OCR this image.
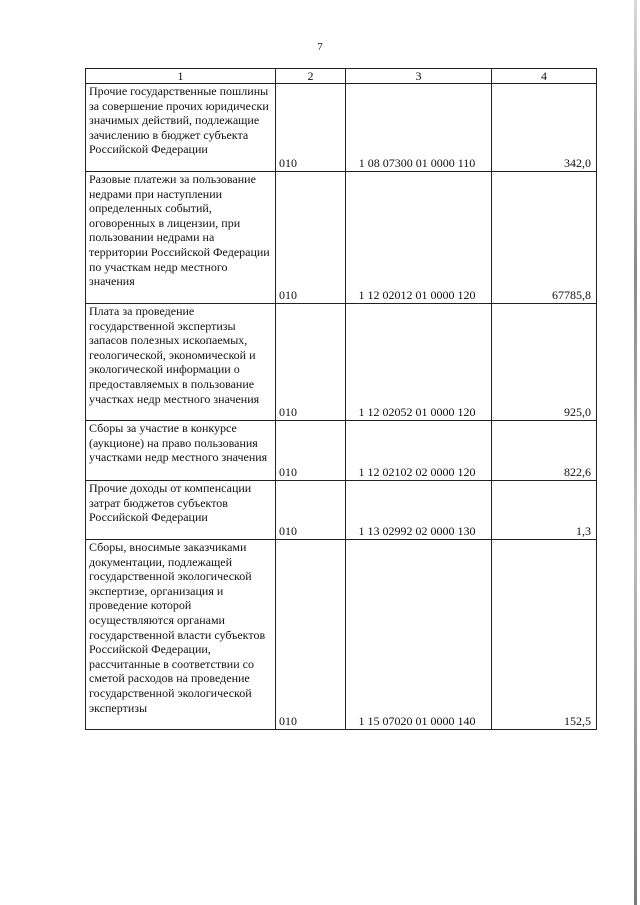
7
1	2	3	4
Прочие государственные пошлины за совершение прочих юридически значимых действий, подлежащие зачислению в бюджет субъекта Российской Федерации	010	1 08 07300 01 0000 110	342,0
Разовые платежи за пользование недрами при наступлении определенных событий, оговоренных в лицензии, при пользовании недрами на территории Российской Федерации по участкам недр местного значения	010	1 12 02012 01 0000 120	67785,8
Плата за проведение государственной экспертизы запасов полезных ископаемых, геологической, экономической и экологической информации о предоставляемых в пользование участках недр местного значения	010	1 12 02052 01 0000 120	925,0
Сборы за участие в конкурсе (аукционе) на право пользования участками недр местного значения	010	1 12 02102 02 0000 120	822,6
Прочие доходы от компенсации затрат бюджетов субъектов Российской Федерации	010	1 13 02992 02 0000 130	1,3
Сборы, вносимые заказчиками документации, подлежащей государственной экологической экспертизе, организация и проведение которой осуществляются органами государственной власти субъектов Российской Федерации, рассчитанные в соответствии со сметой расходов на проведение государственной экологической экспертизы	010	1 15 07020 01 0000 140	152,5
